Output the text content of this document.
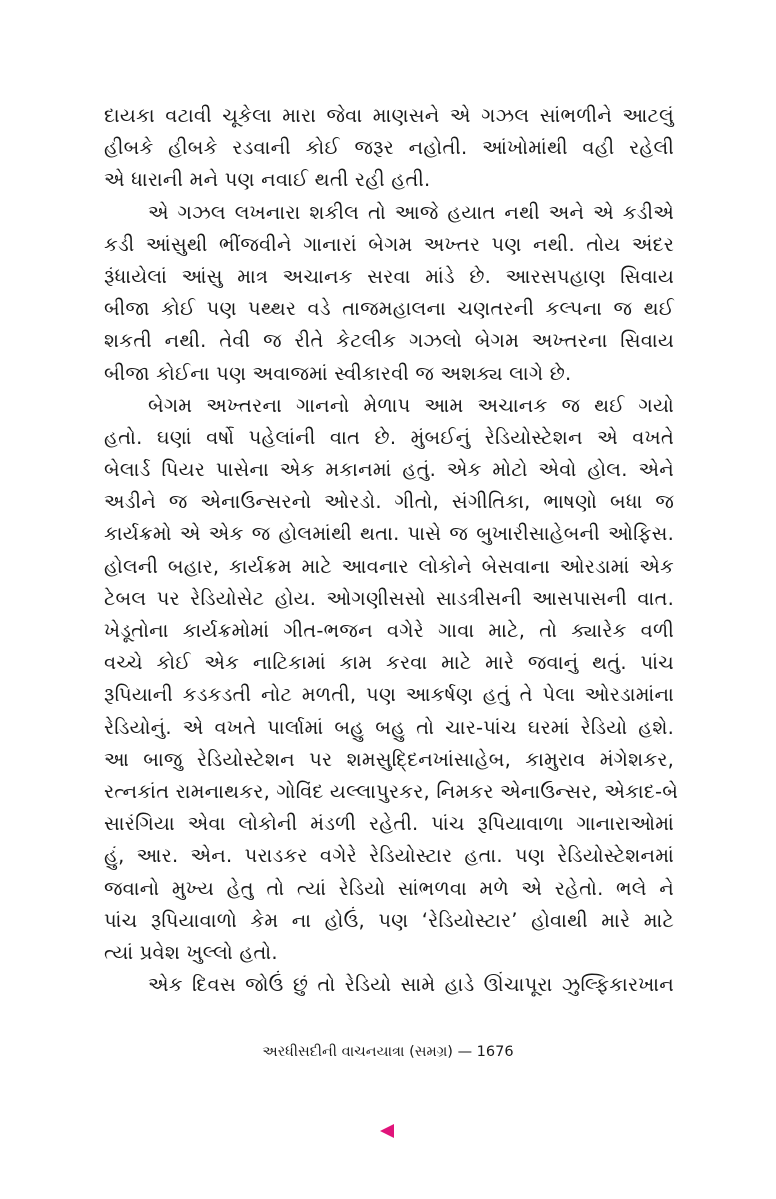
દાયકા વટાવી ચૂકેલા મારા જેવા માણસને એ ગઝલ સાંભળીને આટલું
હીબકે હીબકે રડવાની કોઈ જરૂર નહોતી. આંખોમાંથી વહી રહેલી
એ ધારાની મને પણ નવાઈ થતી રહી હતી.
એ ગઝલ લખનારા શકીલ તો આજે હયાત નથી અને એ કડીએ
કડી આંસુથી ભીંજવીને ગાનારાં બેગમ અખ્તર પણ નથી. તોય અંદર
રૂંધાયેલાં આંસુ માત્ર અચાનક સરવા માંડે છે. આરસપહાણ સિવાય
બીજા કોઈ પણ પથ્થર વડે તાજમહાલના ચણતરની કલ્પના જ થઈ
શકતી નથી. તેવી જ રીતે કેટલીક ગઝલો બેગમ અખ્તરના સિવાય
બીજા કોઈના પણ અવાજમાં સ્વીકારવી જ અશક્ય લાગે છે.
બેગમ અખ્તરના ગાનનો મેળાપ આમ અચાનક જ થઈ ગયો
હતો. ઘણાં વર્ષો પહેલાંની વાત છે. મુંબઈનું રેડિયોસ્ટેશન એ વખતે
બેલાર્ડ પિયર પાસેના એક મકાનમાં હતું. એક મોટો એવો હોલ. એને
અડીને જ એનાઉન્સરનો ઓરડો. ગીતો, સંગીતિકા, ભાષણો બધા જ
કાર્યક્રમો એ એક જ હોલમાંથી થતા. પાસે જ બુખારીસાહેબની ઓફિસ.
હોલની બહાર, કાર્યક્રમ માટે આવનાર લોકોને બેસવાના ઓરડામાં એક
ટેબલ પર રેડિયોસેટ હોય. ઓગણીસસો સાડત્રીસની આસપાસની વાત.
ખેડૂતોના કાર્યક્રમોમાં ગીત-ભજન વગેરે ગાવા માટે, તો ક્યારેક વળી
વચ્ચે કોઈ એક નાટિકામાં કામ કરવા માટે મારે જવાનું થતું. પાંચ
રૂપિયાની કડકડતી નોટ મળતી, પણ આકર્ષણ હતું તે પેલા ઓરડામાંના
રેડિયોનું. એ વખતે પાર્લામાં બહુ બહુ તો ચાર-પાંચ ઘરમાં રેડિયો હશે.
આ બાજુ રેડિયોસ્ટેશન પર શમસુદ્દિનખાંસાહેબ, કામુરાવ મંગેશકર,
રત્નકાંત રામનાથકર, ગોવિંદ યલ્લાપુરકર, નિમકર એનાઉન્સર, એકાદ-બે
સારંગિયા એવા લોકોની મંડળી રહેતી. પાંચ રૂપિયાવાળા ગાનારાઓમાં
હું, આર. એન. પરાડકર વગેરે રેડિયોસ્ટાર હતા. પણ રેડિયોસ્ટેશનમાં
જવાનો મુખ્ય હેતુ તો ત્યાં રેડિયો સાંભળવા મળે એ રહેતો. ભલે ને
પાંચ રૂપિયાવાળો કેમ ના હોઉં, પણ ‘રેડિયોસ્ટાર’ હોવાથી મારે માટે
ત્યાં પ્રવેશ ખુલ્લો હતો.
એક દિવસ જોઉં છું તો રેડિયો સામે હાડે ઊંચાપૂરા ઝુલ્ફિકારખાન
અરધીસદીની વાચનયાત્રા (સમગ્ર) — 1676
